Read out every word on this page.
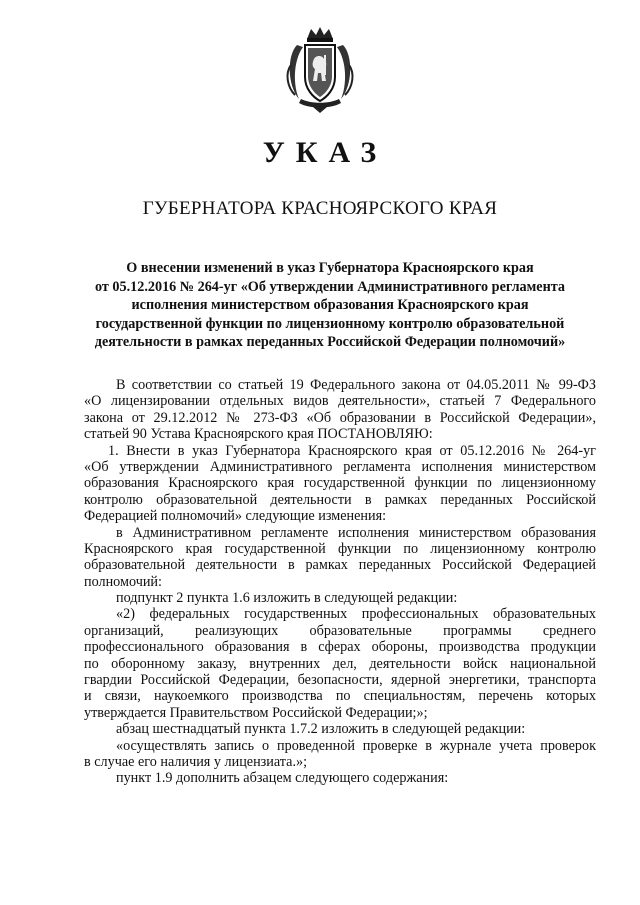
УКАЗ
ГУБЕРНАТОРА КРАСНОЯРСКОГО КРАЯ
О внесении изменений в указ Губернатора Красноярского края
от 05.12.2016 № 264-уг «Об утверждении Административного регламента
исполнения министерством образования Красноярского края
государственной функции по лицензионному контролю образовательной
деятельности в рамках переданных Российской Федерации полномочий»
В соответствии со статьей 19 Федерального закона от 04.05.2011 № 99-ФЗ
«О лицензировании отдельных видов деятельности», статьей 7 Федерального
закона от 29.12.2012 № 273-ФЗ «Об образовании в Российской Федерации»,
статьей 90 Устава Красноярского края ПОСТАНОВЛЯЮ:
1. Внести в указ Губернатора Красноярского края от 05.12.2016 № 264-уг
«Об утверждении Административного регламента исполнения министерством
образования Красноярского края государственной функции по лицензионному
контролю образовательной деятельности в рамках переданных Российской
Федерацией полномочий» следующие изменения:
в Административном регламенте исполнения министерством образования
Красноярского края государственной функции по лицензионному контролю
образовательной деятельности в рамках переданных Российской Федерацией
полномочий:
подпункт 2 пункта 1.6 изложить в следующей редакции:
«2) федеральных государственных профессиональных образовательных
организаций, реализующих образовательные программы среднего
профессионального образования в сферах обороны, производства продукции
по оборонному заказу, внутренних дел, деятельности войск национальной
гвардии Российской Федерации, безопасности, ядерной энергетики, транспорта
и связи, наукоемкого производства по специальностям, перечень которых
утверждается Правительством Российской Федерации;»;
абзац шестнадцатый пункта 1.7.2 изложить в следующей редакции:
«осуществлять запись о проведенной проверке в журнале учета проверок
в случае его наличия у лицензиата.»;
пункт 1.9 дополнить абзацем следующего содержания:
